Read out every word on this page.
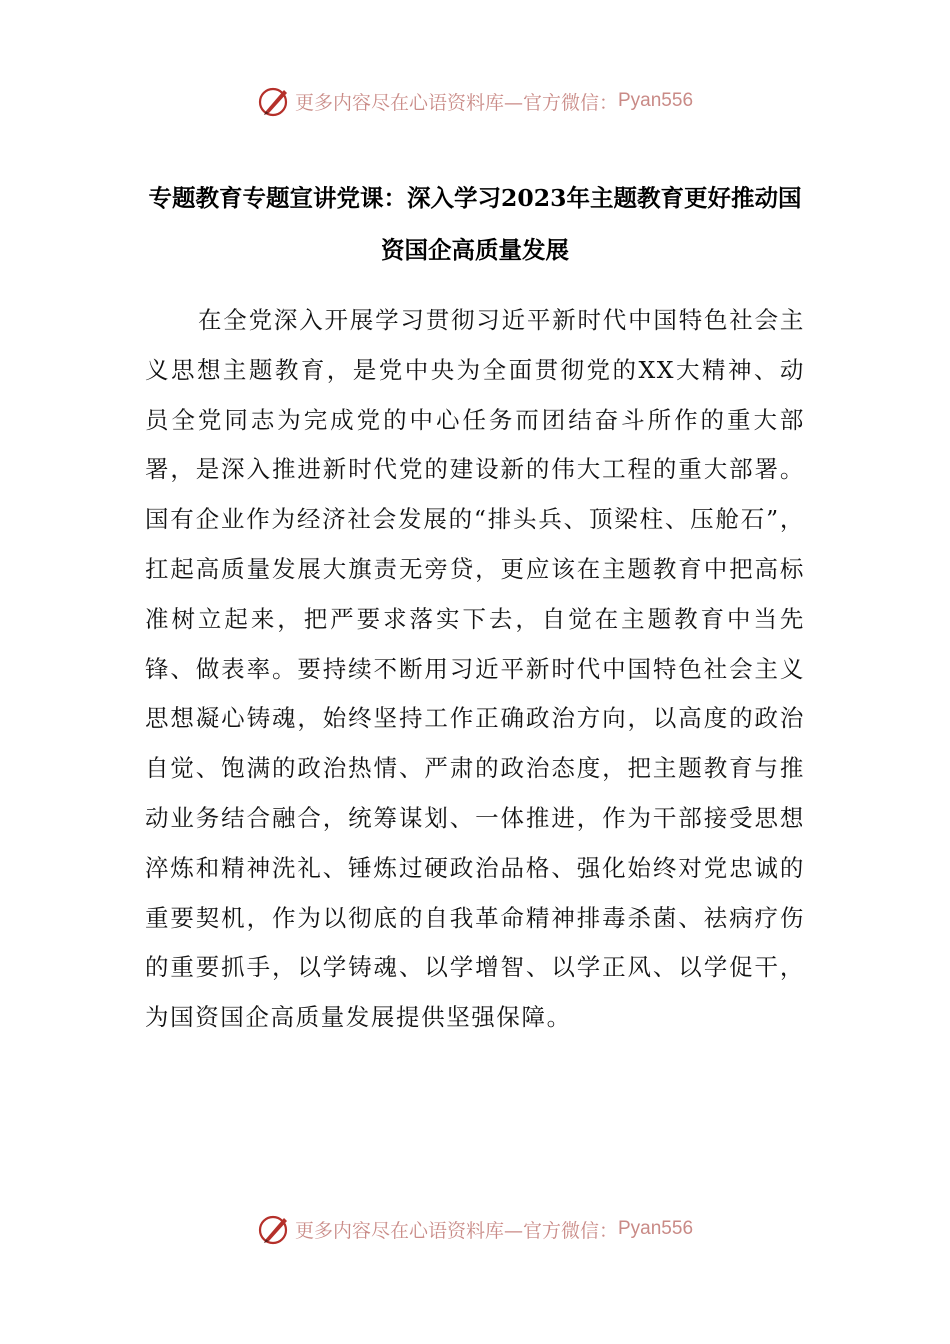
更多内容尽在心语资料库—官方微信： Pyan556
专题教育专题宣讲党课：深入学习2023年主题教育更好推动国资国企高质量发展
在全党深入开展学习贯彻习近平新时代中国特色社会主义思想主题教育，是党中央为全面贯彻党的XX大精神、动员全党同志为完成党的中心任务而团结奋斗所作的重大部署，是深入推进新时代党的建设新的伟大工程的重大部署。国有企业作为经济社会发展的“排头兵、顶梁柱、压舱石”，扛起高质量发展大旗责无旁贷，更应该在主题教育中把高标准树立起来，把严要求落实下去，自觉在主题教育中当先锋、做表率。要持续不断用习近平新时代中国特色社会主义思想凝心铸魂，始终坚持工作正确政治方向，以高度的政治自觉、饱满的政治热情、严肃的政治态度，把主题教育与推动业务结合融合，统筹谋划、一体推进，作为干部接受思想淬炼和精神洗礼、锤炼过硬政治品格、强化始终对党忠诚的重要契机，作为以彻底的自我革命精神排毒杀菌、祛病疗伤的重要抓手，以学铸魂、以学增智、以学正风、以学促干，为国资国企高质量发展提供坚强保障。
更多内容尽在心语资料库—官方微信： Pyan556
